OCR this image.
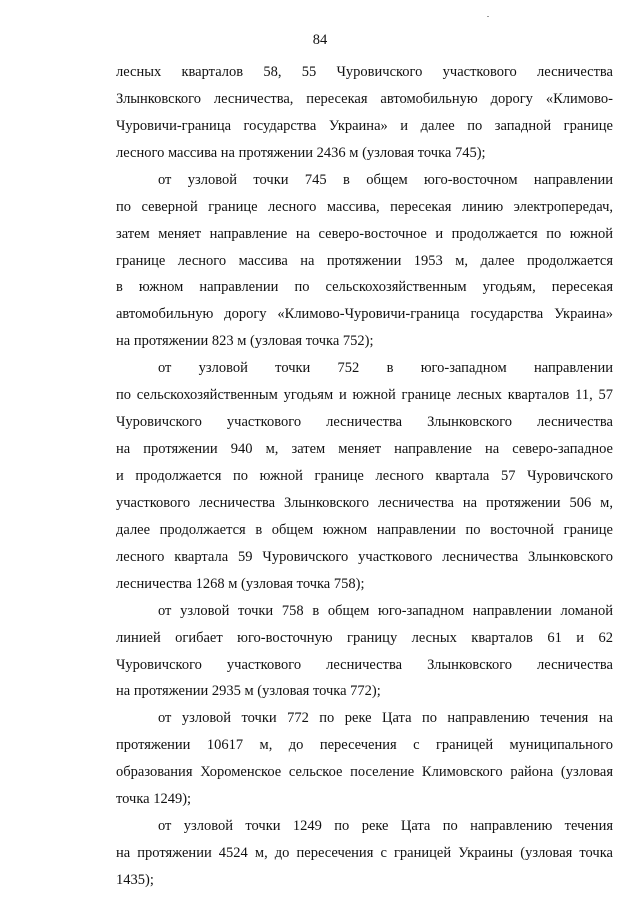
84
лесных кварталов 58, 55 Чуровичского участкового лесничества
Злынковского лесничества, пересекая автомобильную дорогу «Климово-
Чуровичи-граница государства Украина» и далее по западной границе
лесного массива на протяжении 2436 м (узловая точка 745);
от узловой точки 745 в общем юго-восточном направлении
по северной границе лесного массива, пересекая линию электропередач,
затем меняет направление на северо-восточное и продолжается по южной
границе лесного массива на протяжении 1953 м, далее продолжается
в южном направлении по сельскохозяйственным угодьям, пересекая
автомобильную дорогу «Климово-Чуровичи-граница государства Украина»
на протяжении 823 м (узловая точка 752);
от узловой точки 752 в юго-западном направлении
по сельскохозяйственным угодьям и южной границе лесных кварталов 11, 57
Чуровичского участкового лесничества Злынковского лесничества
на протяжении 940 м, затем меняет направление на северо-западное
и продолжается по южной границе лесного квартала 57 Чуровичского
участкового лесничества Злынковского лесничества на протяжении 506 м,
далее продолжается в общем южном направлении по восточной границе
лесного квартала 59 Чуровичского участкового лесничества Злынковского
лесничества 1268 м (узловая точка 758);
от узловой точки 758 в общем юго-западном направлении ломаной
линией огибает юго-восточную границу лесных кварталов 61 и 62
Чуровичского участкового лесничества Злынковского лесничества
на протяжении 2935 м (узловая точка 772);
от узловой точки 772 по реке Цата по направлению течения на
протяжении 10617 м, до пересечения с границей муниципального
образования Хороменское сельское поселение Климовского района (узловая
точка 1249);
от узловой точки 1249 по реке Цата по направлению течения
на протяжении 4524 м, до пересечения с границей Украины (узловая точка
1435);
